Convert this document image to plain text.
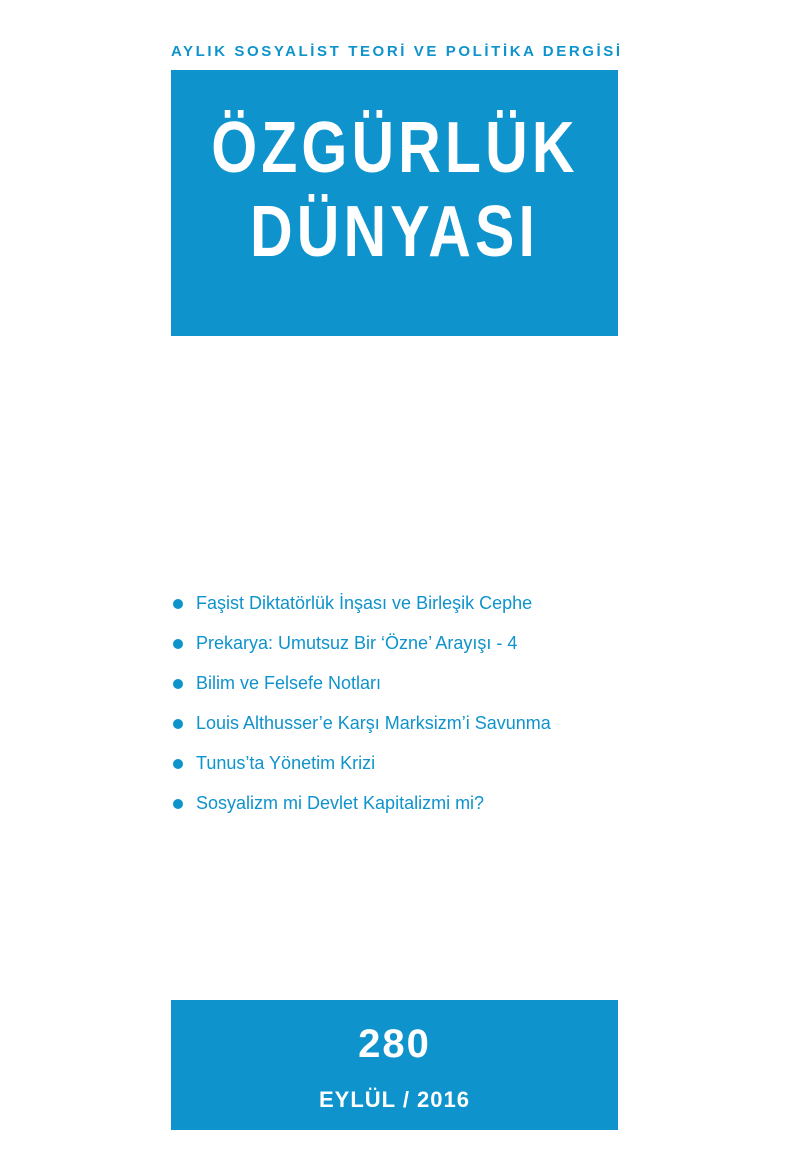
AYLIK SOSYALİST TEORİ VE POLİTİKA DERGİSİ
ÖZGÜRLÜK
DÜNYASI
Faşist Diktatörlük İnşası ve Birleşik Cephe
Prekarya: Umutsuz Bir ‘Özne’ Arayışı - 4
Bilim ve Felsefe Notları
Louis Althusser’e Karşı Marksizm’i Savunma
Tunus’ta Yönetim Krizi
Sosyalizm mi Devlet Kapitalizmi mi?
280
EYLÜL / 2016
